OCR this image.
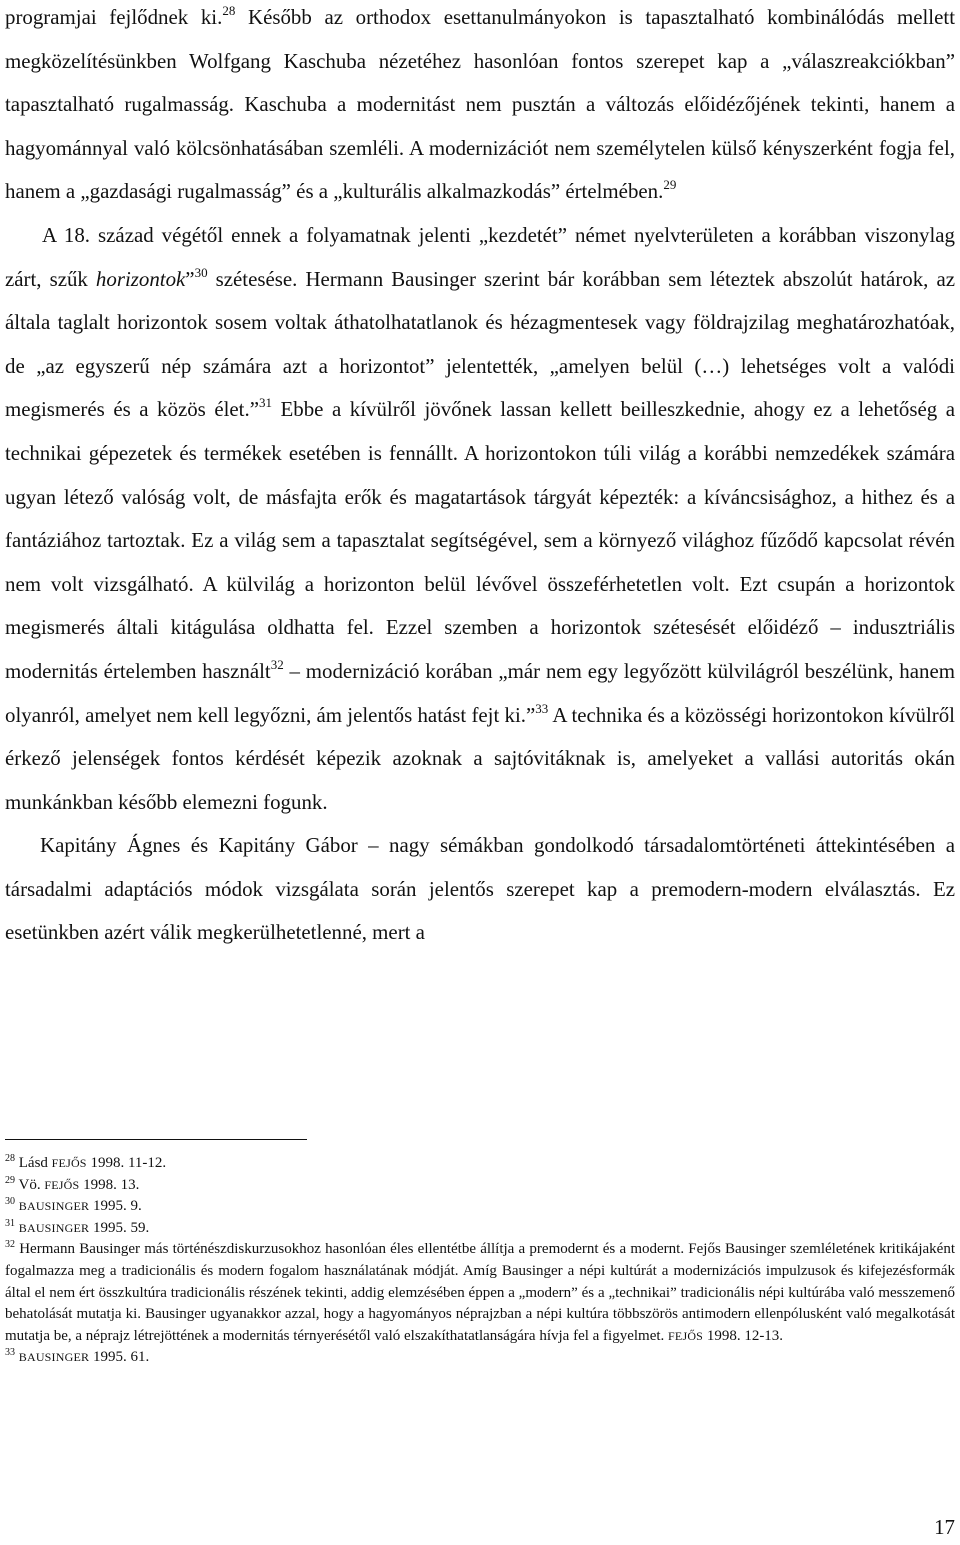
programjai fejlődnek ki.$^{28}$ Később az orthodox esettanulmányokon is tapasztalható kombinálódás mellett megközelítésünkben Wolfgang Kaschuba nézetéhez hasonlóan fontos szerepet kap a „válaszreakciókban” tapasztalható rugalmasság. Kaschuba a modernitást nem pusztán a változás előidézőjének tekinti, hanem a hagyománnyal való kölcsönhatásában szemléli. A modernizációt nem személytelen külső kényszerként fogja fel, hanem a „gazdasági rugalmasság” és a „kulturális alkalmazkodás” értelmében.$^{29}$

A 18. század végétől ennek a folyamatnak jelenti „kezdetét” német nyelvterületen a korábban viszonylag zárt, szűk horizontok”$^{30}$ szétesése. Hermann Bausinger szerint bár korábban sem léteztek abszolút határok, az általa taglalt horizontok sosem voltak áthatolhatatlanok és hézagmentesek vagy földrajzilag meghatározhatóak, de „az egyszerű nép számára azt a horizontot” jelentették, „amelyen belül (…) lehetséges volt a valódi megismerés és a közös élet.”$^{31}$ Ebbe a kívülről jövőnek lassan kellett beilleszkednie, ahogy ez a lehetőség a technikai gépezetek és termékek esetében is fennállt. A horizontokon túli világ a korábbi nemzedékek számára ugyan létező valóság volt, de másfajta erők és magatartások tárgyát képezték: a kíváncsisághoz, a hithez és a fantáziához tartoztak. Ez a világ sem a tapasztalat segítségével, sem a környező világhoz fűződő kapcsolat révén nem volt vizsgálható. A külvilág a horizonton belül lévővel összeférhetetlen volt. Ezt csupán a horizontok megismerés általi kitágulása oldhatta fel. Ezzel szemben a horizontok szétesését előidéző – indusztriális modernitás értelemben használt$^{32}$ – modernizáció korában „már nem egy legyőzött külvilágról beszélünk, hanem olyanról, amelyet nem kell legyőzni, ám jelentős hatást fejt ki.”$^{33}$ A technika és a közösségi horizontokon kívülről érkező jelenségek fontos kérdését képezik azoknak a sajtóvitáknak is, amelyeket a vallási autoritás okán munkánkban később elemezni fogunk.

Kapitány Ágnes és Kapitány Gábor – nagy sémákban gondolkodó társadalomtörténeti áttekintésében a társadalmi adaptációs módok vizsgálata során jelentős szerepet kap a premodern-modern elválasztás. Ez esetünkben azért válik megkerülhetetlenné, mert a

$^{28}$ Lásd FEJŐS 1998. 11-12.

$^{29}$ Vö. FEJŐS 1998. 13.

$^{30}$ BAUSINGER 1995. 9.

$^{31}$ BAUSINGER 1995. 59.

$^{32}$ Hermann Bausinger más történészdiskurzusokhoz hasonlóan éles ellentétbe állítja a premodernt és a modernt. Fejős Bausinger szemléletének kritikájaként fogalmazza meg a tradicionális és modern fogalom használatának módját. Amíg Bausinger a népi kultúrát a modernizációs impulzusok és kifejezésformák által el nem ért összkultúra tradicionális részének tekinti, addig elemzésében éppen a „modern” és a „technikai” tradicionális népi kultúrába való messzemenő behatolását mutatja ki. Bausinger ugyanakkor azzal, hogy a hagyományos néprajzban a népi kultúra többszörös antimodern ellenpólusként való megalkotását mutatja be, a néprajz létrejöttének a modernitás térnyerésétől való elszakíthatatlanságára hívja fel a figyelmet. FEJŐS 1998. 12-13.

$^{33}$ BAUSINGER 1995. 61.

17
